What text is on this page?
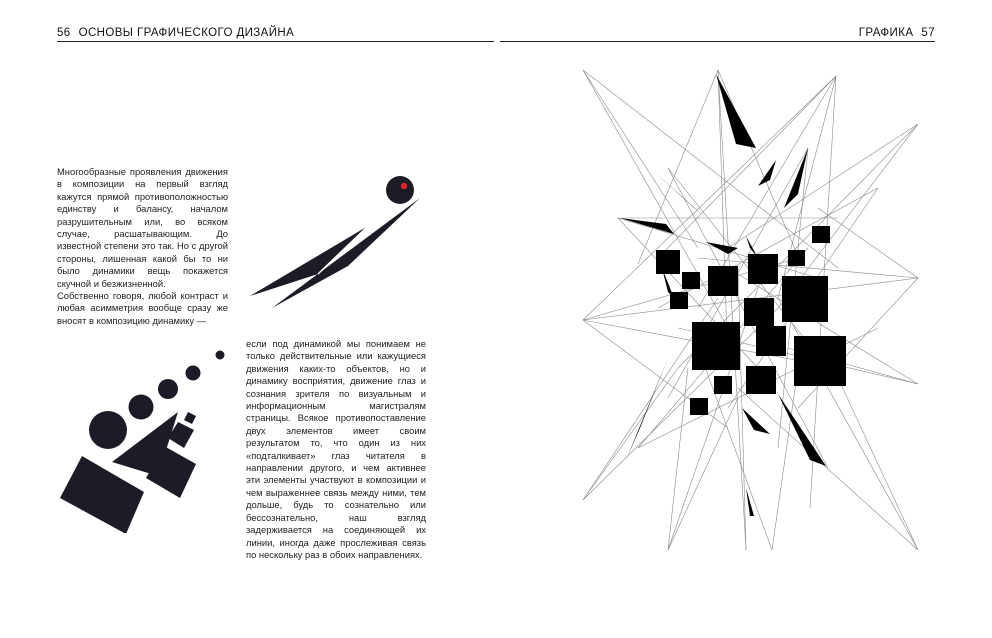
56 ОСНОВЫ ГРАФИЧЕСКОГО ДИЗАЙНА	ГРАФИКА 57
Многообразные проявления движения в композиции на первый взгляд кажутся прямой противоположностью единству и балансу, началом разрушительным или, во всяком случае, расшатывающим. До известной степени это так. Но с другой стороны, лишенная какой бы то ни было динамики вещь покажется скучной и безжизненной.
Собственно говоря, любой контраст и любая асимметрия вообще сразу же вносят в композицию динамику —
если под динамикой мы понимаем не только действительные или кажущиеся движения каких-то объектов, но и динамику восприятия, движение глаз и сознания зрителя по визуальным и информационным магистралям страницы. Всякое противопоставление двух элементов имеет своим результатом то, что один из них «подталкивает» глаз читателя в направлении другого, и чем активнее эти элементы участвуют в композиции и чем выраженнее связь между ними, тем дольше, будь то сознательно или бессознательно, наш взгляд задерживается на соединяющей их линии, иногда даже прослеживая связь по нескольку раз в обоих направлениях.
